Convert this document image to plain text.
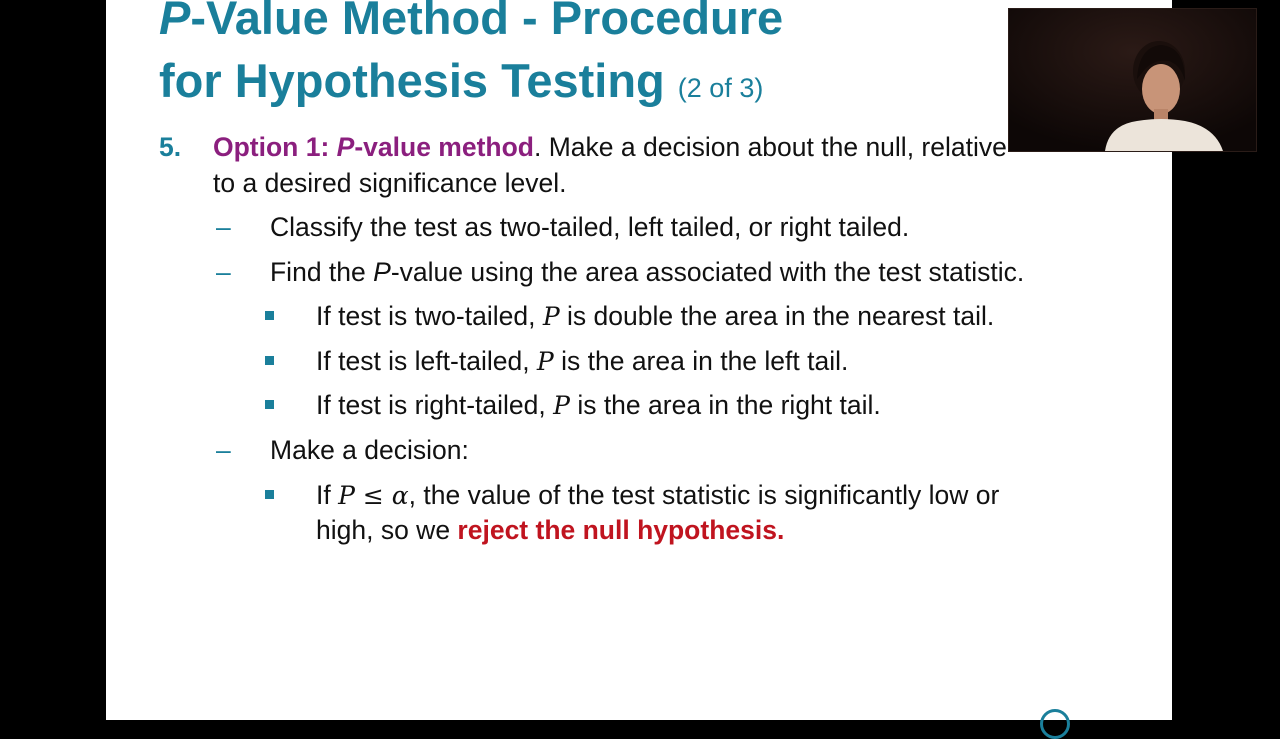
P-Value Method - Procedure
for Hypothesis Testing (2 of 3)
5. Option 1: P-value method. Make a decision about the null, relative
to a desired significance level.
– Classify the test as two-tailed, left tailed, or right tailed.
– Find the P-value using the area associated with the test statistic.
If test is two-tailed, P is double the area in the nearest tail.
If test is left-tailed, P is the area in the left tail.
If test is right-tailed, P is the area in the right tail.
– Make a decision:
If P ≤ α, the value of the test statistic is significantly low or
high, so we reject the null hypothesis.
